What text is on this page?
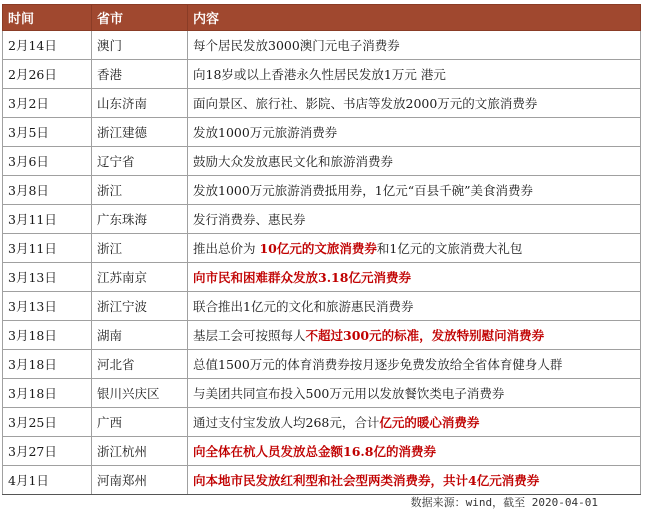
时间	省市	内容
2月14日	澳门	每个居民发放3000澳门元电子消费券
2月26日	香港	向18岁或以上香港永久性居民发放1万元 港元
3月2日	山东济南	面向景区、旅行社、影院、书店等发放2000万元的文旅消费券
3月5日	浙江建德	发放1000万元旅游消费券
3月6日	辽宁省	鼓励大众发放惠民文化和旅游消费券
3月8日	浙江	发放1000万元旅游消费抵用券，1亿元“百县千碗”美食消费券
3月11日	广东珠海	发行消费券、惠民券
3月11日	浙江	推出总价为 10亿元的文旅消费券和1亿元的文旅消费大礼包
3月13日	江苏南京	向市民和困难群众发放3.18亿元消费券
3月13日	浙江宁波	联合推出1亿元的文化和旅游惠民消费券
3月18日	湖南	基层工会可按照每人不超过300元的标准，发放特别慰问消费券
3月18日	河北省	总值1500万元的体育消费券按月逐步免费发放给全省体育健身人群
3月18日	银川兴庆区	与美团共同宣布投入500万元用以发放餐饮类电子消费券
3月25日	广西	通过支付宝发放人均268元，合计亿元的暖心消费券
3月27日	浙江杭州	向全体在杭人员发放总金额16.8亿的消费券
4月1日	河南郑州	向本地市民发放红利型和社会型两类消费券，共计4亿元消费券
数据来源：wind，截至 2020-04-01
